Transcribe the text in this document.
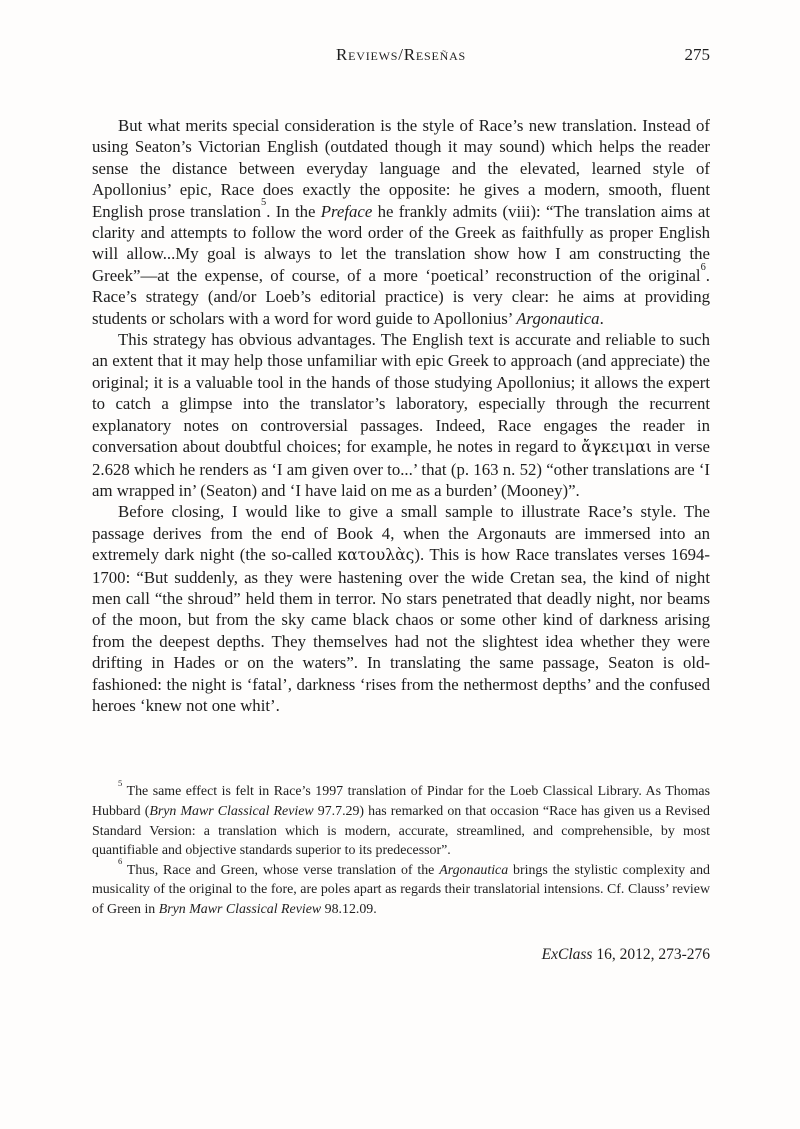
Reviews/Reseñas	275

But what merits special consideration is the style of Race’s new translation. Instead of using Seaton’s Victorian English (outdated though it may sound) which helps the reader sense the distance between everyday language and the elevated, learned style of Apollonius’ epic, Race does exactly the opposite: he gives a modern, smooth, fluent English prose translation$^5$. In the Preface he frankly admits (viii): “The translation aims at clarity and attempts to follow the word order of the Greek as faithfully as proper English will allow...My goal is always to let the translation show how I am constructing the Greek”—at the expense, of course, of a more ‘poetical’ reconstruction of the original$^6$. Race’s strategy (and/or Loeb’s editorial practice) is very clear: he aims at providing students or scholars with a word for word guide to Apollonius’ Argonautica.

This strategy has obvious advantages. The English text is accurate and reliable to such an extent that it may help those unfamiliar with epic Greek to approach (and appreciate) the original; it is a valuable tool in the hands of those studying Apollonius; it allows the expert to catch a glimpse into the translator’s laboratory, especially through the recurrent explanatory notes on controversial passages. Indeed, Race engages the reader in conversation about doubtful choices; for example, he notes in regard to ἄγκειμαι in verse 2.628 which he renders as ‘I am given over to...’ that (p. 163 n. 52) “other translations are ‘I am wrapped in’ (Seaton) and ‘I have laid on me as a burden’ (Mooney)”.

Before closing, I would like to give a small sample to illustrate Race’s style. The passage derives from the end of Book 4, when the Argonauts are immersed into an extremely dark night (the so-called κατουλὰς). This is how Race translates verses 1694-1700: “But suddenly, as they were hastening over the wide Cretan sea, the kind of night men call “the shroud” held them in terror. No stars penetrated that deadly night, nor beams of the moon, but from the sky came black chaos or some other kind of darkness arising from the deepest depths. They themselves had not the slightest idea whether they were drifting in Hades or on the waters”. In translating the same passage, Seaton is old-fashioned: the night is ‘fatal’, darkness ‘rises from the nethermost depths’ and the confused heroes ‘knew not one whit’.

$^5$ The same effect is felt in Race’s 1997 translation of Pindar for the Loeb Classical Library. As Thomas Hubbard (Bryn Mawr Classical Review 97.7.29) has remarked on that occasion “Race has given us a Revised Standard Version: a translation which is modern, accurate, streamlined, and comprehensible, by most quantifiable and objective standards superior to its predecessor”.

$^6$ Thus, Race and Green, whose verse translation of the Argonautica brings the stylistic complexity and musicality of the original to the fore, are poles apart as regards their translatorial intensions. Cf. Clauss’ review of Green in Bryn Mawr Classical Review 98.12.09.

ExClass 16, 2012, 273-276
